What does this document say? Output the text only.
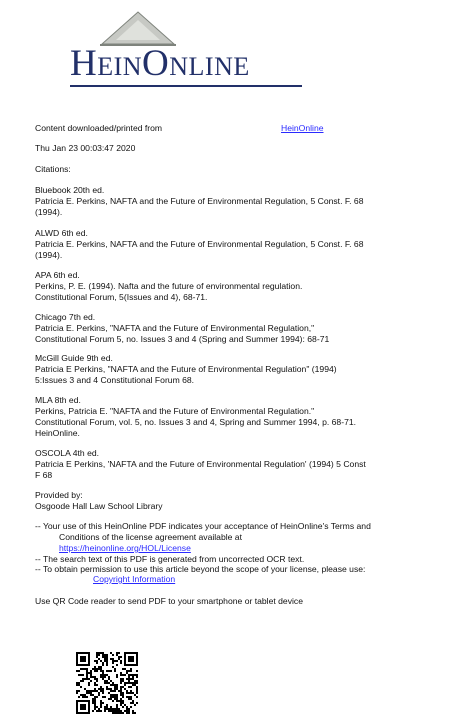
HeinOnline
Content downloaded/printed from	HeinOnline
Thu Jan 23 00:03:47 2020
Citations:
Bluebook 20th ed.
Patricia E. Perkins, NAFTA and the Future of Environmental Regulation, 5 Const. F. 68
(1994).
ALWD 6th ed.
Patricia E. Perkins, NAFTA and the Future of Environmental Regulation, 5 Const. F. 68
(1994).
APA 6th ed.
Perkins, P. E. (1994). Nafta and the future of environmental regulation.
Constitutional Forum, 5(Issues and 4), 68-71.
Chicago 7th ed.
Patricia E. Perkins, "NAFTA and the Future of Environmental Regulation,"
Constitutional Forum 5, no. Issues 3 and 4 (Spring and Summer 1994): 68-71
McGill Guide 9th ed.
Patricia E Perkins, "NAFTA and the Future of Environmental Regulation" (1994)
5:Issues 3 and 4 Constitutional Forum 68.
MLA 8th ed.
Perkins, Patricia E. "NAFTA and the Future of Environmental Regulation."
Constitutional Forum, vol. 5, no. Issues 3 and 4, Spring and Summer 1994, p. 68-71.
HeinOnline.
OSCOLA 4th ed.
Patricia E Perkins, 'NAFTA and the Future of Environmental Regulation' (1994) 5 Const
F 68
Provided by:
Osgoode Hall Law School Library
-- Your use of this HeinOnline PDF indicates your acceptance of HeinOnline's Terms and
Conditions of the license agreement available at
https://heinonline.org/HOL/License
-- The search text of this PDF is generated from uncorrected OCR text.
-- To obtain permission to use this article beyond the scope of your license, please use:
Copyright Information
Use QR Code reader to send PDF to your smartphone or tablet device
